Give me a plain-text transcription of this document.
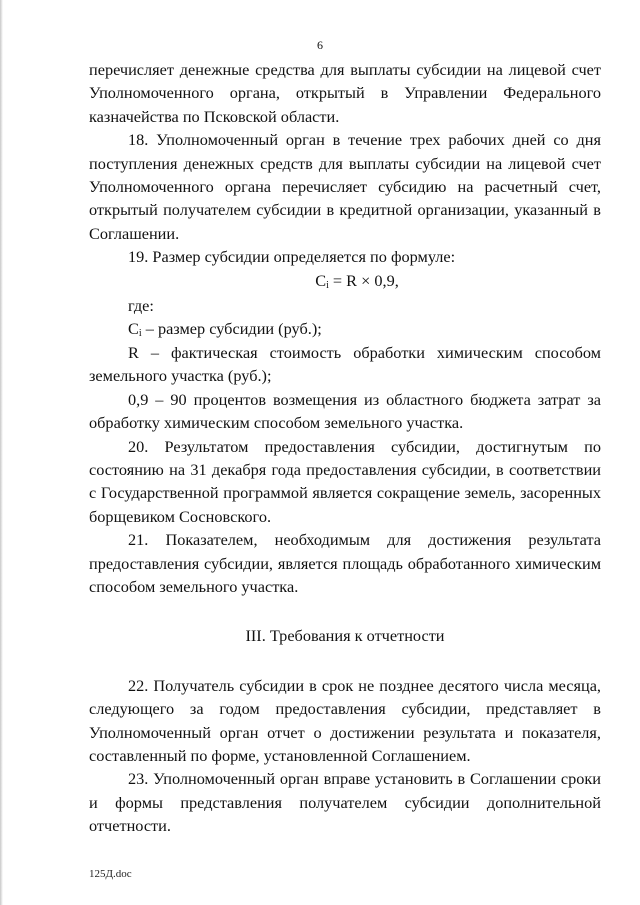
6

перечисляет денежные средства для выплаты субсидии на лицевой счет Уполномоченного органа, открытый в Управлении Федерального казначейства по Псковской области.

18. Уполномоченный орган в течение трех рабочих дней со дня поступления денежных средств для выплаты субсидии на лицевой счет Уполномоченного органа перечисляет субсидию на расчетный счет, открытый получателем субсидии в кредитной организации, указанный в Соглашении.

19. Размер субсидии определяется по формуле:

$C_i = R \times 0,9$,

где:

$C_i$ – размер субсидии (руб.);

R – фактическая стоимость обработки химическим способом земельного участка (руб.);

0,9 – 90 процентов возмещения из областного бюджета затрат за обработку химическим способом земельного участка.

20. Результатом предоставления субсидии, достигнутым по состоянию на 31 декабря года предоставления субсидии, в соответствии с Государственной программой является сокращение земель, засоренных борщевиком Сосновского.

21. Показателем, необходимым для достижения результата предоставления субсидии, является площадь обработанного химическим способом земельного участка.

III. Требования к отчетности

22. Получатель субсидии в срок не позднее десятого числа месяца, следующего за годом предоставления субсидии, представляет в Уполномоченный орган отчет о достижении результата и показателя, составленный по форме, установленной Соглашением.

23. Уполномоченный орган вправе установить в Соглашении сроки и формы представления получателем субсидии дополнительной отчетности.

125Д.doc
